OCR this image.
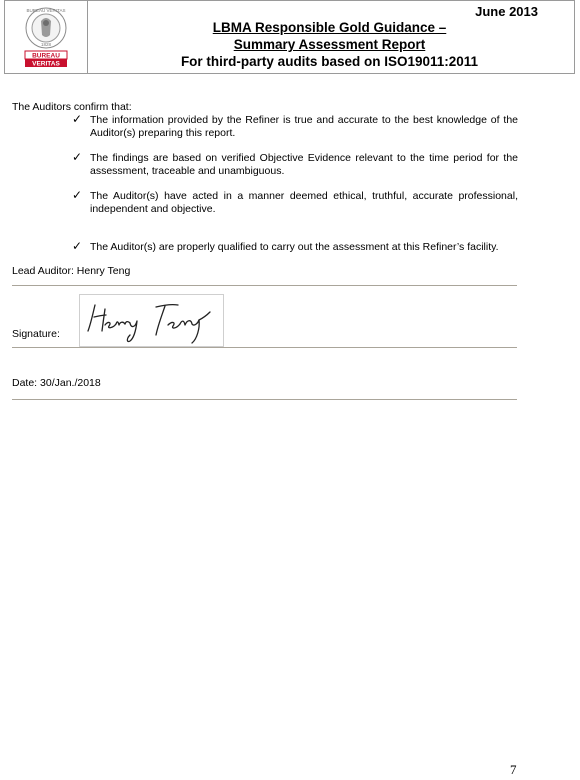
BUREAU VERITAS
1828
BUREAU
VERITAS
June 2013
LBMA Responsible Gold Guidance –
Summary Assessment Report
For third-party audits based on ISO19011:2011
The Auditors confirm that:
✓ The information provided by the Refiner is true and accurate to the best knowledge of the Auditor(s) preparing this report.
✓ The findings are based on verified Objective Evidence relevant to the time period for the assessment, traceable and unambiguous.
✓ The Auditor(s) have acted in a manner deemed ethical, truthful, accurate professional, independent and objective.
✓ The Auditor(s) are properly qualified to carry out the assessment at this Refiner’s facility.
Lead Auditor: Henry Teng
Signature:
Date: 30/Jan./2018
7
